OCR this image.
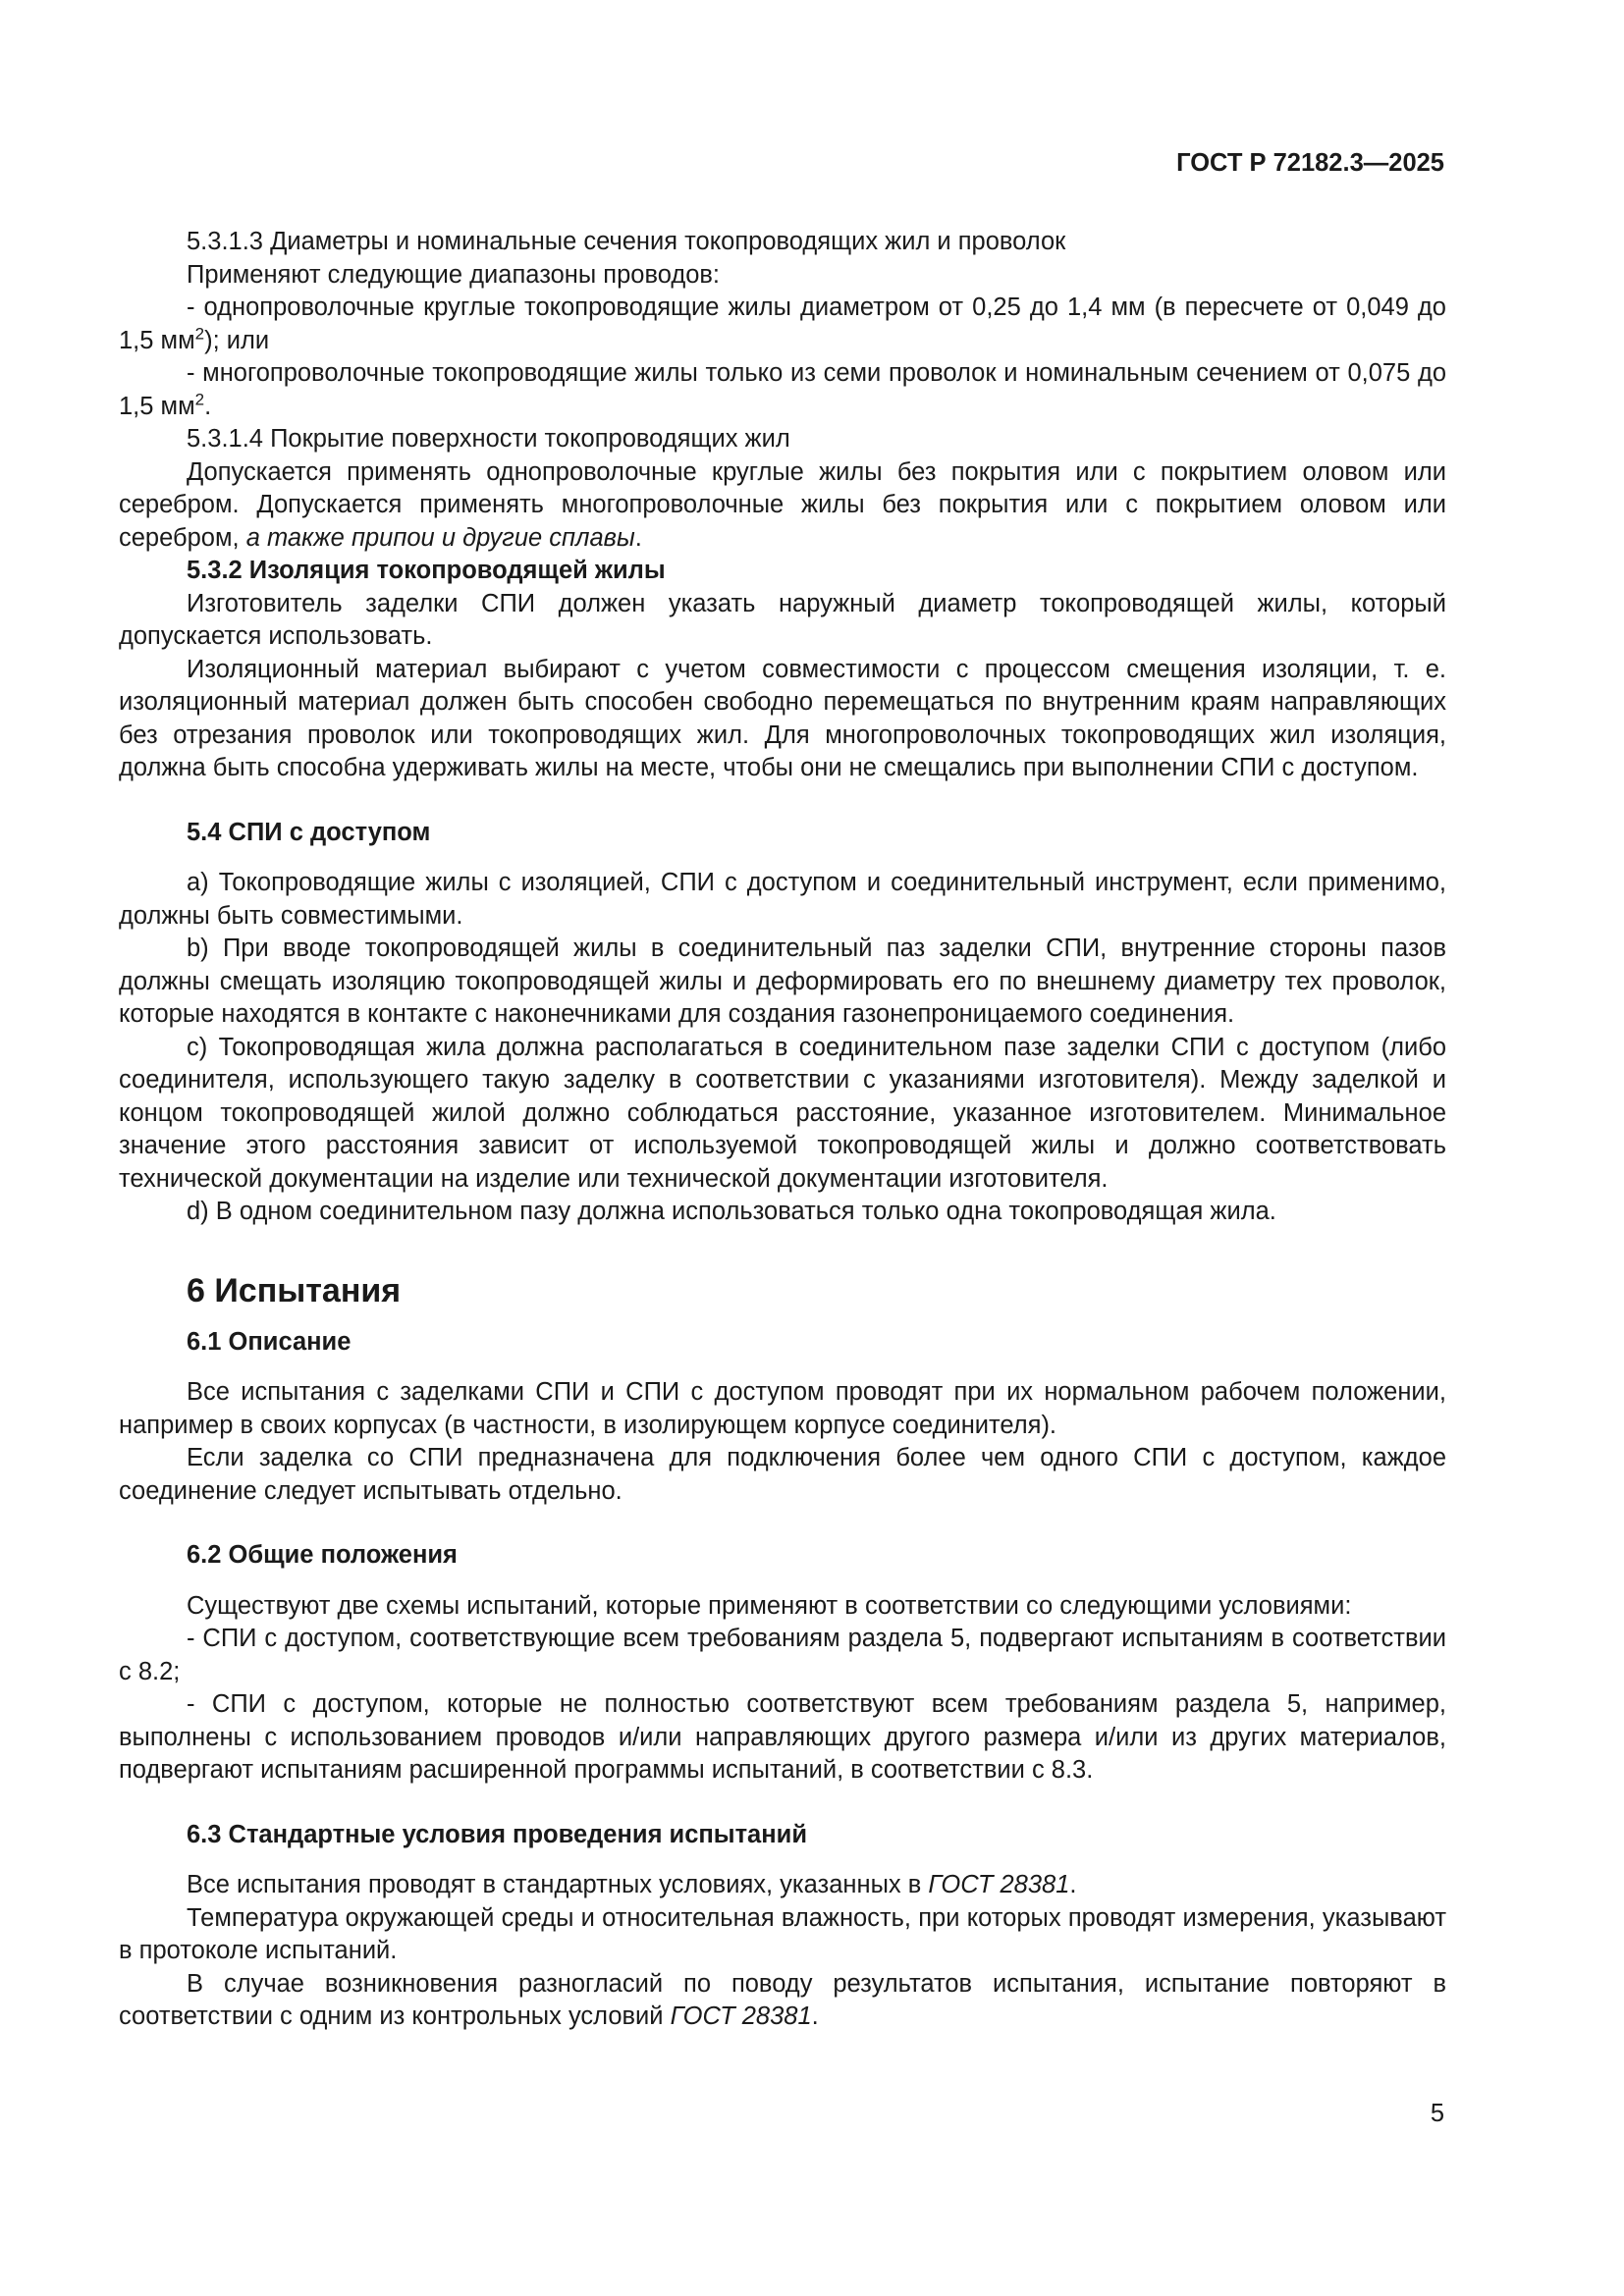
ГОСТ Р 72182.3—2025

5.3.1.3 Диаметры и номинальные сечения токопроводящих жил и проволок

Применяют следующие диапазоны проводов:

- однопроволочные круглые токопроводящие жилы диаметром от 0,25 до 1,4 мм (в пересчете от 0,049 до 1,5 $мм^2$); или

- многопроволочные токопроводящие жилы только из семи проволок и номинальным сечением от 0,075 до 1,5 $мм^2$.

5.3.1.4 Покрытие поверхности токопроводящих жил

Допускается применять однопроволочные круглые жилы без покрытия или с покрытием оловом или серебром. Допускается применять многопроволочные жилы без покрытия или с покрытием оловом или серебром, а также припои и другие сплавы.

5.3.2 Изоляция токопроводящей жилы

Изготовитель заделки СПИ должен указать наружный диаметр токопроводящей жилы, который допускается использовать.

Изоляционный материал выбирают с учетом совместимости с процессом смещения изоляции, т. е. изоляционный материал должен быть способен свободно перемещаться по внутренним краям направляющих без отрезания проволок или токопроводящих жил. Для многопроволочных токопроводящих жил изоляция, должна быть способна удерживать жилы на месте, чтобы они не смещались при выполнении СПИ с доступом.

5.4 СПИ с доступом

a) Токопроводящие жилы с изоляцией, СПИ с доступом и соединительный инструмент, если применимо, должны быть совместимыми.

b) При вводе токопроводящей жилы в соединительный паз заделки СПИ, внутренние стороны пазов должны смещать изоляцию токопроводящей жилы и деформировать его по внешнему диаметру тех проволок, которые находятся в контакте с наконечниками для создания газонепроницаемого соединения.

c) Токопроводящая жила должна располагаться в соединительном пазе заделки СПИ с доступом (либо соединителя, использующего такую заделку в соответствии с указаниями изготовителя). Между заделкой и концом токопроводящей жилой должно соблюдаться расстояние, указанное изготовителем. Минимальное значение этого расстояния зависит от используемой токопроводящей жилы и должно соответствовать технической документации на изделие или технической документации изготовителя.

d) В одном соединительном пазу должна использоваться только одна токопроводящая жила.

6 Испытания

6.1 Описание

Все испытания с заделками СПИ и СПИ с доступом проводят при их нормальном рабочем положении, например в своих корпусах (в частности, в изолирующем корпусе соединителя).

Если заделка со СПИ предназначена для подключения более чем одного СПИ с доступом, каждое соединение следует испытывать отдельно.

6.2 Общие положения

Существуют две схемы испытаний, которые применяют в соответствии со следующими условиями:

- СПИ с доступом, соответствующие всем требованиям раздела 5, подвергают испытаниям в соответствии с 8.2;

- СПИ с доступом, которые не полностью соответствуют всем требованиям раздела 5, например, выполнены с использованием проводов и/или направляющих другого размера и/или из других материалов, подвергают испытаниям расширенной программы испытаний, в соответствии с 8.3.

6.3 Стандартные условия проведения испытаний

Все испытания проводят в стандартных условиях, указанных в ГОСТ 28381.

Температура окружающей среды и относительная влажность, при которых проводят измерения, указывают в протоколе испытаний.

В случае возникновения разногласий по поводу результатов испытания, испытание повторяют в соответствии с одним из контрольных условий ГОСТ 28381.

5
